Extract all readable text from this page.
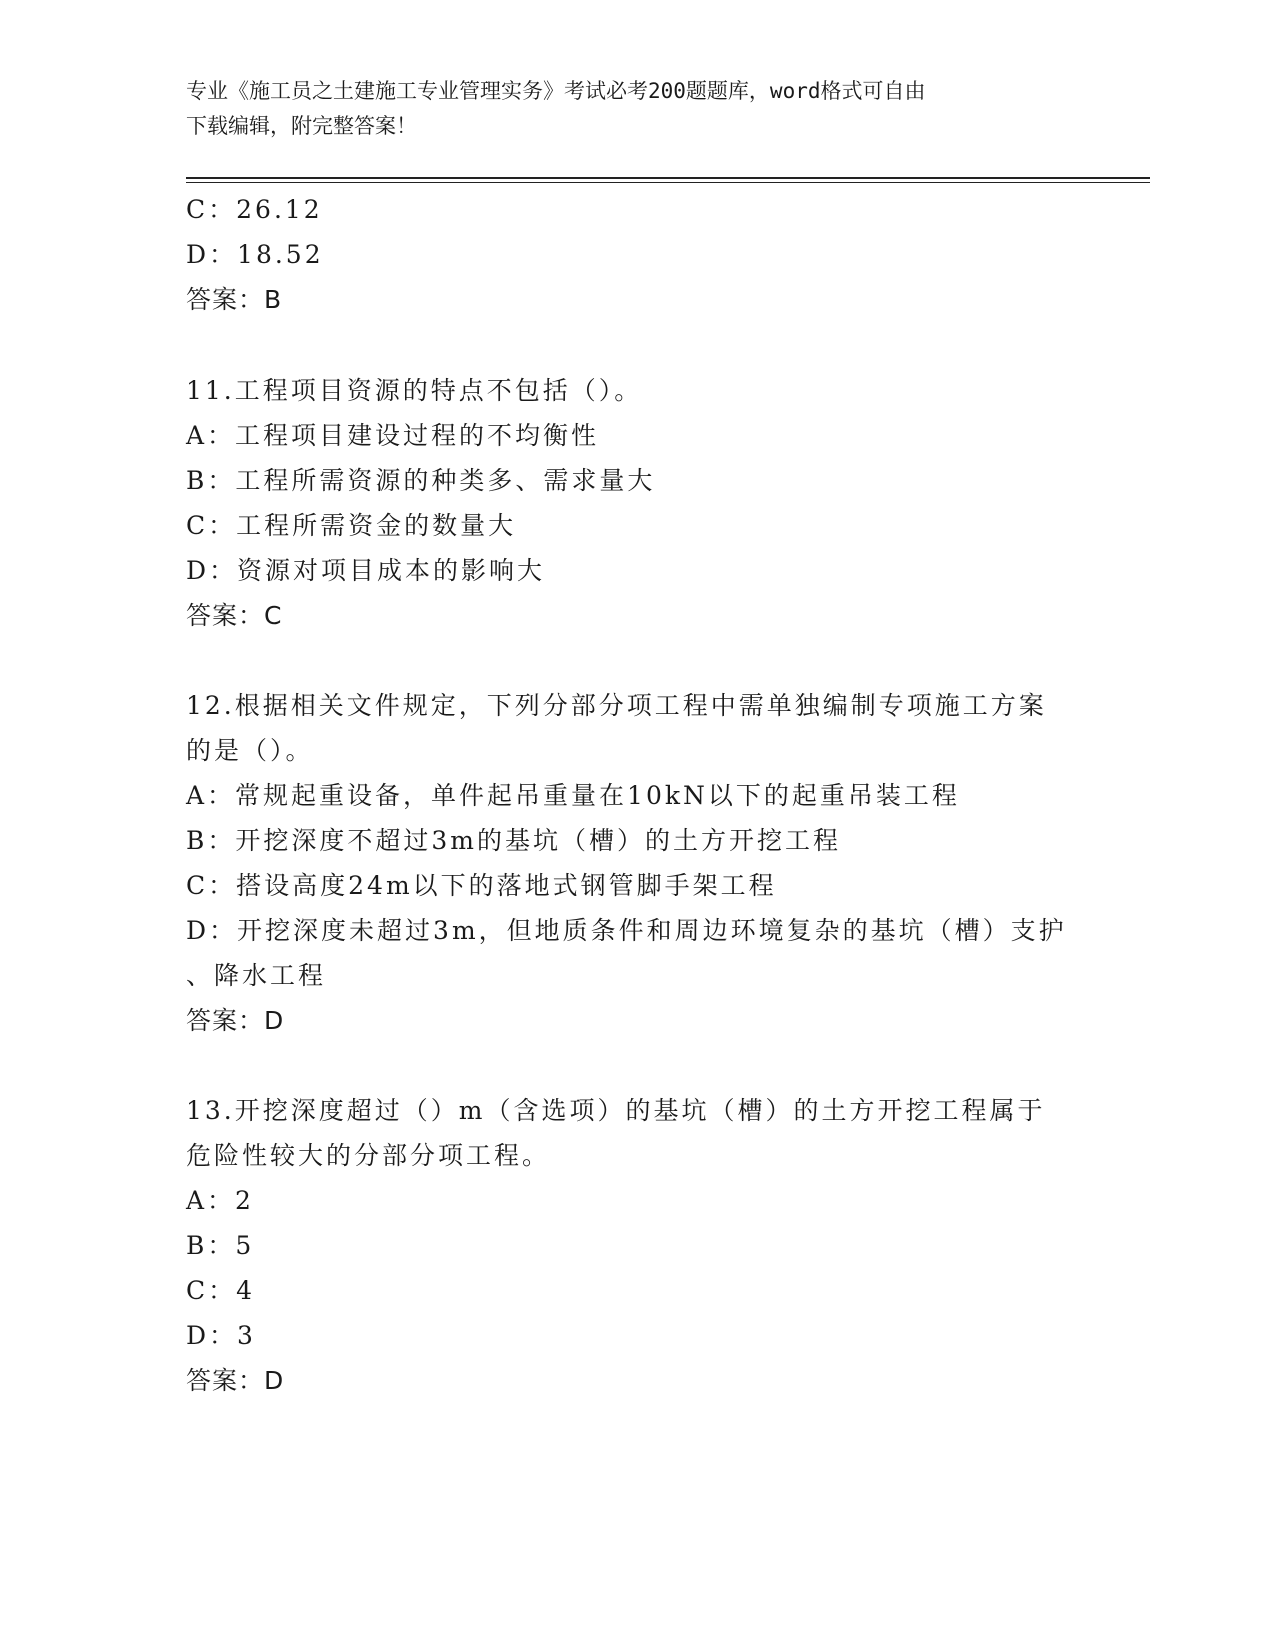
专业《施工员之土建施工专业管理实务》考试必考200题题库，word格式可自由
下载编辑，附完整答案！
C：26.12
D：18.52
答案：B
11.工程项目资源的特点不包括（）。
A：工程项目建设过程的不均衡性
B：工程所需资源的种类多、需求量大
C：工程所需资金的数量大
D：资源对项目成本的影响大
答案：C
12.根据相关文件规定，下列分部分项工程中需单独编制专项施工方案
的是（）。
A：常规起重设备，单件起吊重量在10kN以下的起重吊装工程
B：开挖深度不超过3m的基坑（槽）的土方开挖工程
C：搭设高度24m以下的落地式钢管脚手架工程
D：开挖深度未超过3m，但地质条件和周边环境复杂的基坑（槽）支护
、降水工程
答案：D
13.开挖深度超过（）m（含选项）的基坑（槽）的土方开挖工程属于
危险性较大的分部分项工程。
A：2
B：5
C：4
D：3
答案：D
